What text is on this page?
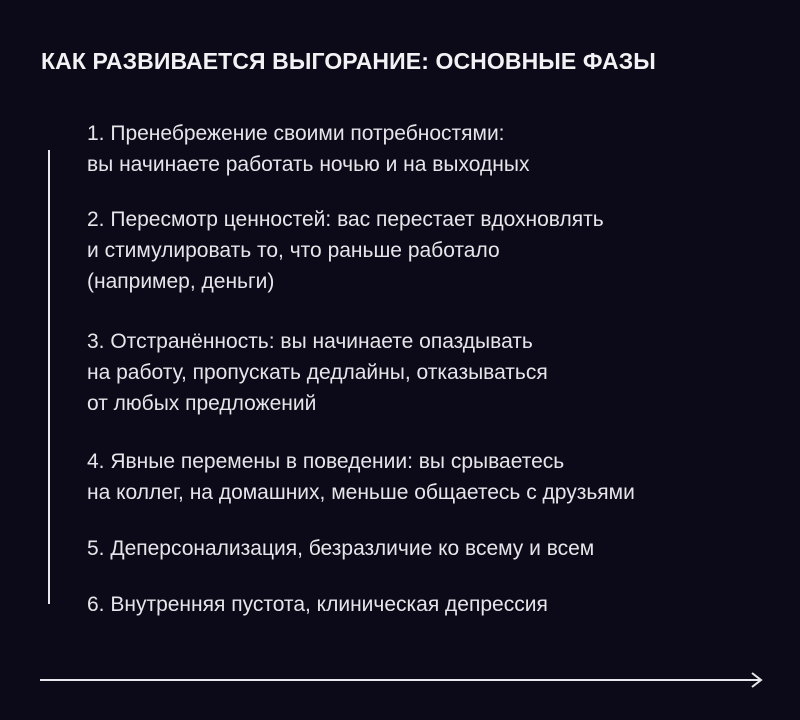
КАК РАЗВИВАЕТСЯ ВЫГОРАНИЕ: ОСНОВНЫЕ ФАЗЫ
1. Пренебрежение своими потребностями:
вы начинаете работать ночью и на выходных
2. Пересмотр ценностей: вас перестает вдохновлять
и стимулировать то, что раньше работало
(например, деньги)
3. Отстранённость: вы начинаете опаздывать
на работу, пропускать дедлайны, отказываться
от любых предложений
4. Явные перемены в поведении: вы срываетесь
на коллег, на домашних, меньше общаетесь с друзьями
5. Деперсонализация, безразличие ко всему и всем
6. Внутренняя пустота, клиническая депрессия
